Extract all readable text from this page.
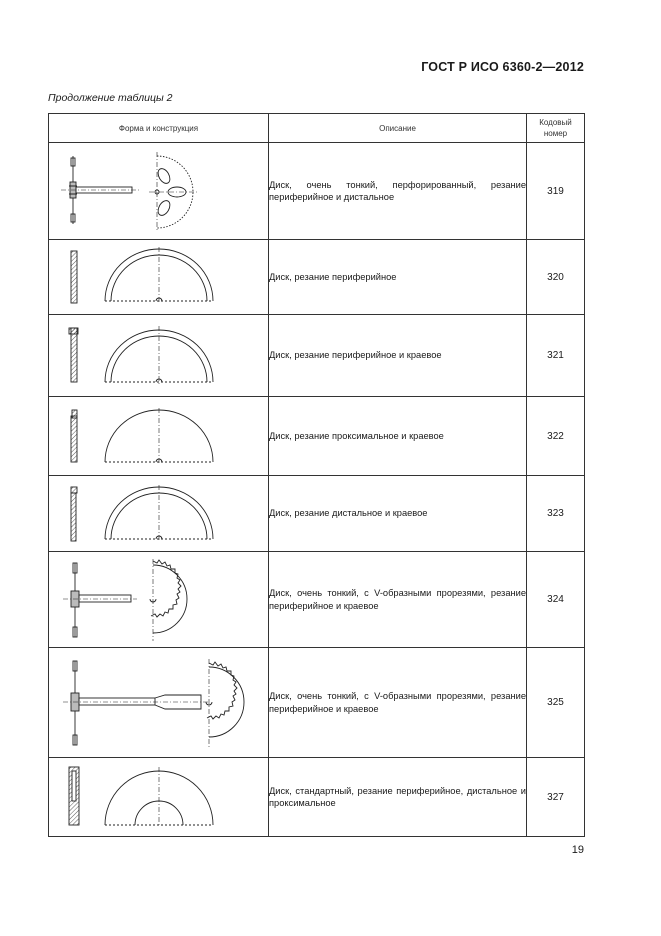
ГОСТ Р ИСО 6360-2—2012
Продолжение таблицы 2
Форма и конструкция	Описание	Кодовый номер

	Диск, очень тонкий, перфорированный, резание периферийное и дистальное	319

	Диск, резание периферийное	320

	Диск, резание периферийное и краевое	321

	Диск, резание проксимальное и краевое	322

	Диск, резание дистальное и краевое	323

	Диск, очень тонкий, с V-образными прорезями, резание периферийное и краевое	324

	Диск, очень тонкий, с V-образными прорезями, резание периферийное и краевое	325

	Диск, стандартный, резание периферийное, дистальное и проксимальное	327
19
